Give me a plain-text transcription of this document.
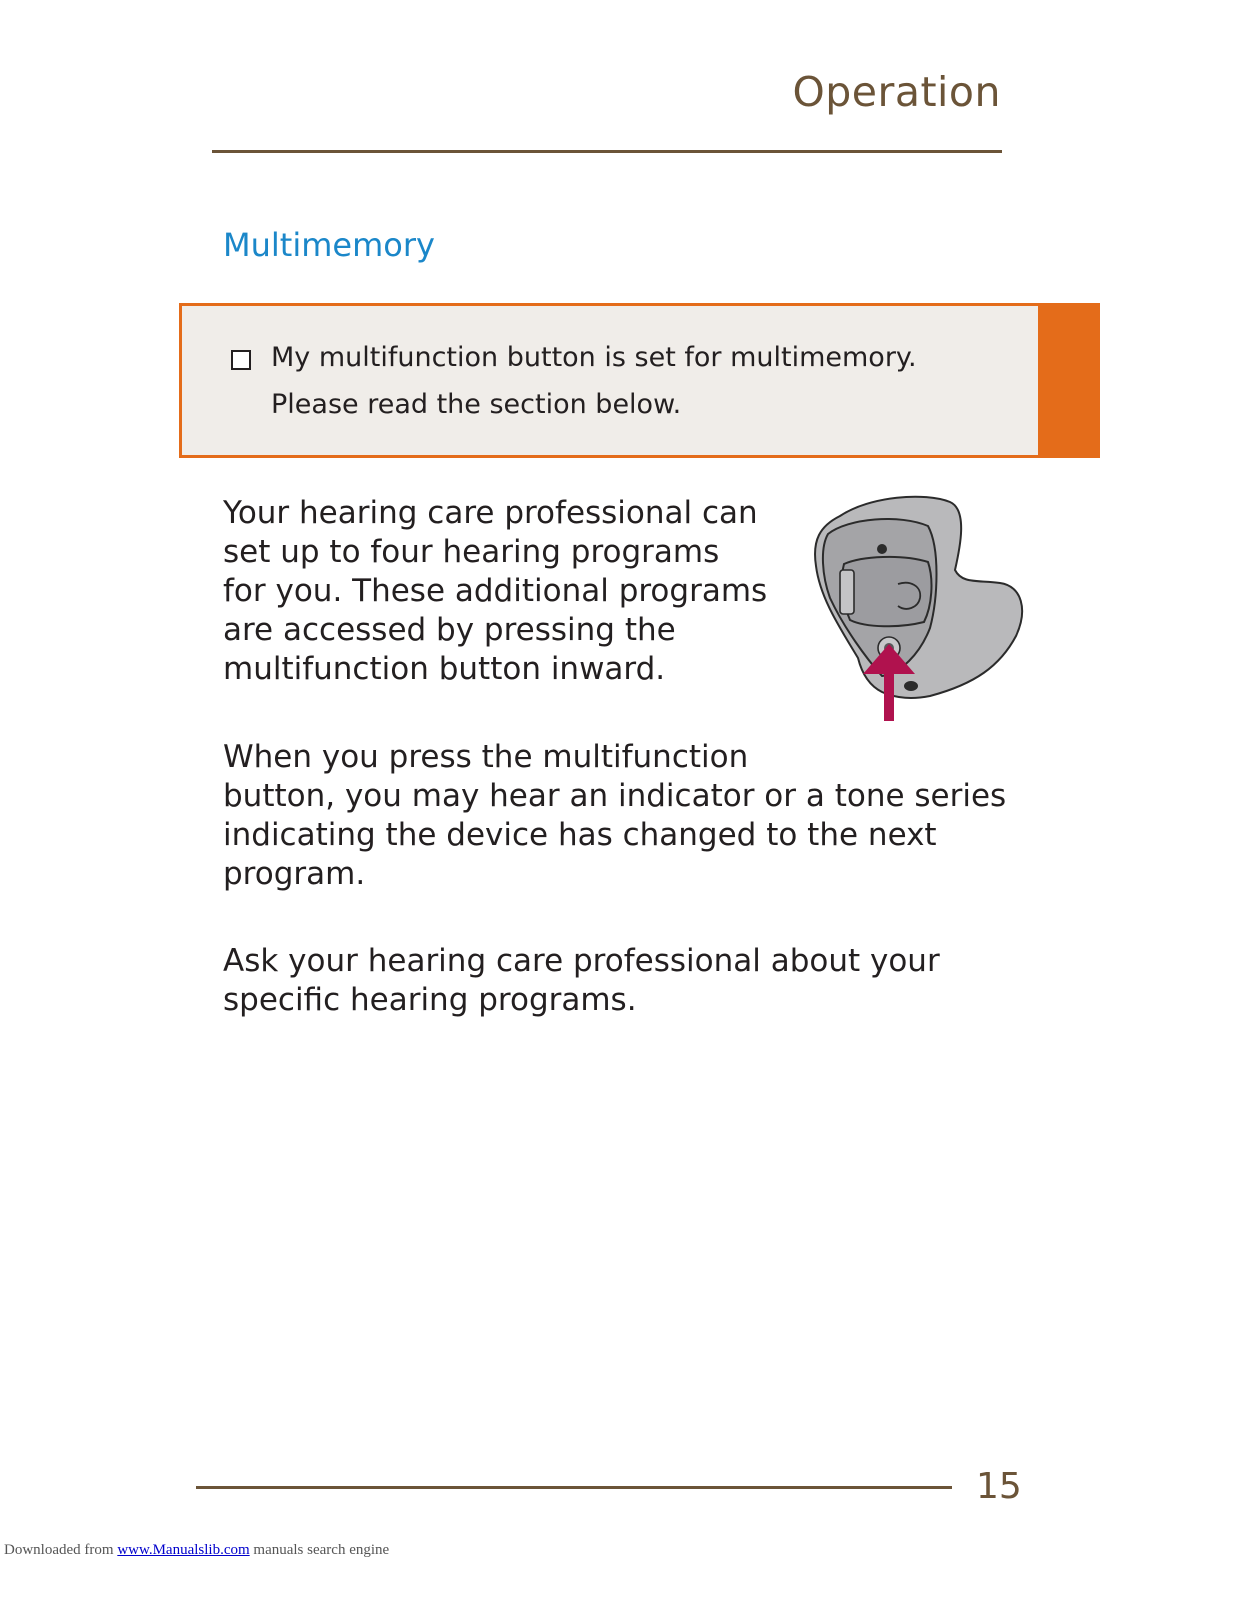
Operation
Multimemory
My multifunction button is set for multimemory.
Please read the section below.
Your hearing care professional can
set up to four hearing programs
for you. These additional programs
are accessed by pressing the
multifunction button inward.
When you press the multifunction
button, you may hear an indicator or a tone series
indicating the device has changed to the next
program.
Ask your hearing care professional about your
specific hearing programs.
15
Downloaded from www.Manualslib.com manuals search engine
